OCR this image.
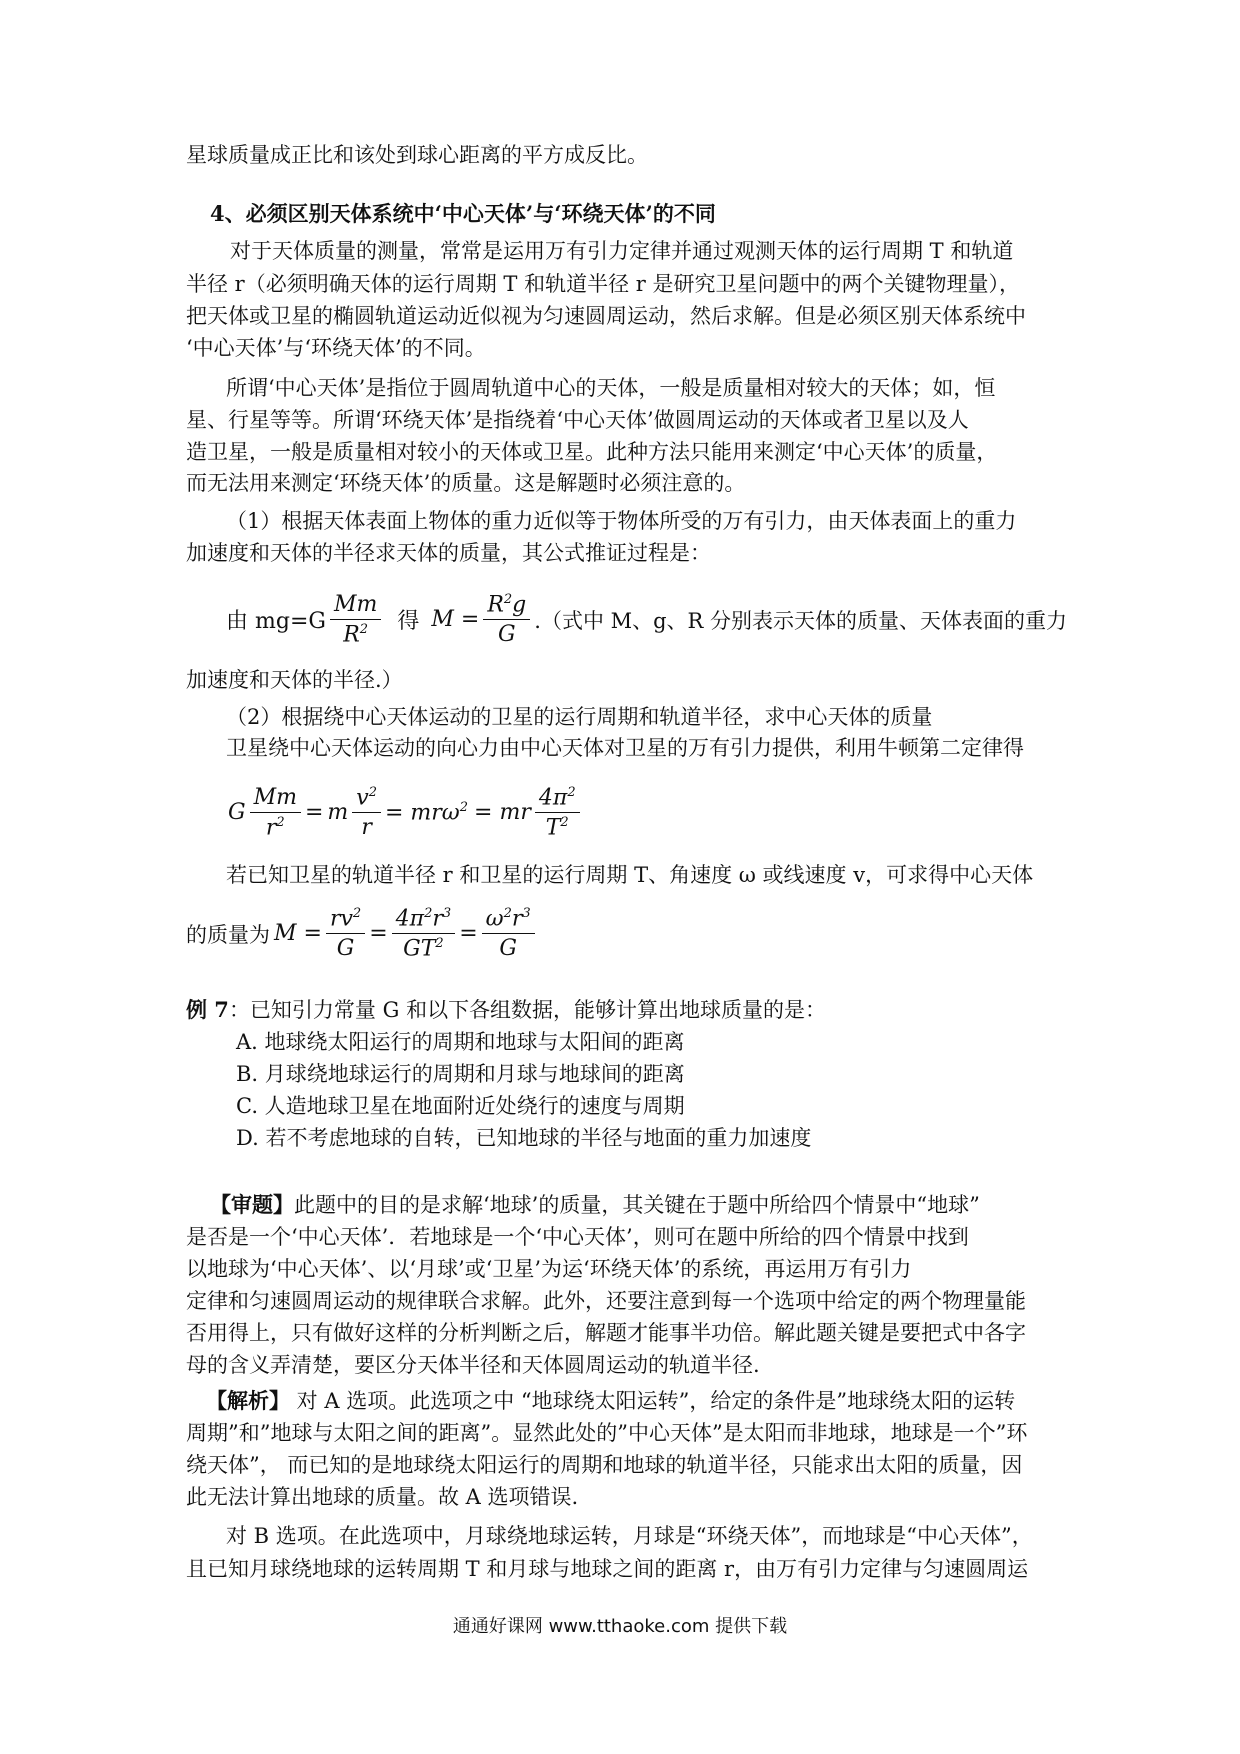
星球质量成正比和该处到球心距离的平方成反比。
4、必须区别天体系统中‘中心天体’与‘环绕天体’的不同
对于天体质量的测量，常常是运用万有引力定律并通过观测天体的运行周期 T 和轨道
半径 r（必须明确天体的运行周期 T 和轨道半径 r 是研究卫星问题中的两个关键物理量），
把天体或卫星的椭圆轨道运动近似视为匀速圆周运动，然后求解。但是必须区别天体系统中
‘中心天体’与‘环绕天体’的不同。
所谓‘中心天体’是指位于圆周轨道中心的天体，一般是质量相对较大的天体；如，恒
星、行星等等。所谓‘环绕天体’是指绕着‘中心天体’做圆周运动的天体或者卫星以及人
造卫星，一般是质量相对较小的天体或卫星。此种方法只能用来测定‘中心天体’的质量，
而无法用来测定‘环绕天体’的质量。这是解题时必须注意的。
（1）根据天体表面上物体的重力近似等于物体所受的万有引力，由天体表面上的重力
加速度和天体的半径求天体的质量，其公式推证过程是：
由 $mg=G \frac{Mm}{R^2}$ 得 $M = \frac{R^2g}{G}$ .（式中 M、g、R 分别表示天体的质量、天体表面的重力
加速度和天体的半径.）
（2）根据绕中心天体运动的卫星的运行周期和轨道半径，求中心天体的质量
卫星绕中心天体运动的向心力由中心天体对卫星的万有引力提供，利用牛顿第二定律得
G $\frac{Mm}{r^2} = m \frac{v^2}{r} = mr\omega^2$ = mr $\frac{4\pi^2}{T^2}$
若已知卫星的轨道半径 r 和卫星的运行周期 T、角速度 ω 或线速度 v，可求得中心天体
的质量为 $M = \frac{rv^2}{G} = \frac{4\pi^2r^3}{GT^2} = \frac{\omega^2r^3}{G}$
例 7：已知引力常量 G 和以下各组数据，能够计算出地球质量的是：
A. 地球绕太阳运行的周期和地球与太阳间的距离
B. 月球绕地球运行的周期和月球与地球间的距离
C. 人造地球卫星在地面附近处绕行的速度与周期
D. 若不考虑地球的自转，已知地球的半径与地面的重力加速度
【审题】此题中的目的是求解‘地球’的质量，其关键在于题中所给四个情景中“地球”
是否是一个‘中心天体’．若地球是一个‘中心天体’，则可在题中所给的四个情景中找到
以地球为‘中心天体’、以‘月球’或‘卫星’为运‘环绕天体’的系统，再运用万有引力
定律和匀速圆周运动的规律联合求解。此外，还要注意到每一个选项中给定的两个物理量能
否用得上，只有做好这样的分析判断之后，解题才能事半功倍。解此题关键是要把式中各字
母的含义弄清楚，要区分天体半径和天体圆周运动的轨道半径.
【解析】 对 A 选项。此选项之中 “地球绕太阳运转”，给定的条件是”地球绕太阳的运转
周期”和”地球与太阳之间的距离”。显然此处的”中心天体”是太阳而非地球，地球是一个”环
绕天体”， 而已知的是地球绕太阳运行的周期和地球的轨道半径，只能求出太阳的质量，因
此无法计算出地球的质量。故 A 选项错误.
对 B 选项。在此选项中，月球绕地球运转，月球是“环绕天体”，而地球是“中心天体”，
且已知月球绕地球的运转周期 T 和月球与地球之间的距离 r，由万有引力定律与匀速圆周运
通通好课网 www.tthaoke.com 提供下载
